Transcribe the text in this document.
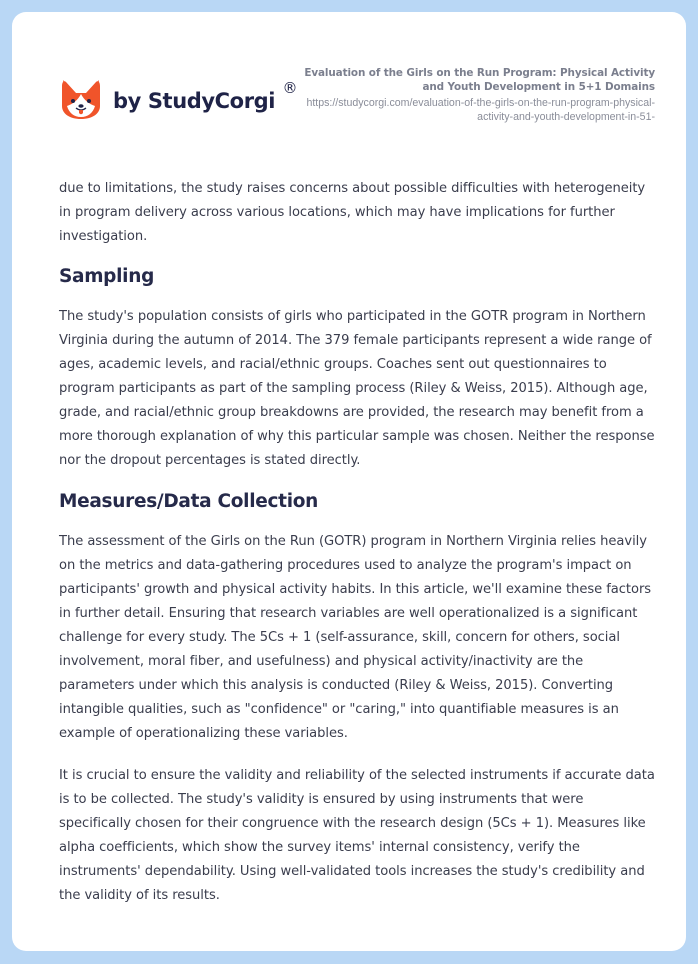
by StudyCorgi
®
Evaluation of the Girls on the Run Program: Physical Activity and Youth Development in 5+1 Domains
https://studycorgi.com/evaluation-of-the-girls-on-the-run-program-physical-activity-and-youth-development-in-51-

due to limitations, the study raises concerns about possible difficulties with heterogeneity in program delivery across various locations, which may have implications for further investigation.

Sampling

The study's population consists of girls who participated in the GOTR program in Northern Virginia during the autumn of 2014. The 379 female participants represent a wide range of ages, academic levels, and racial/ethnic groups. Coaches sent out questionnaires to program participants as part of the sampling process (Riley & Weiss, 2015). Although age, grade, and racial/ethnic group breakdowns are provided, the research may benefit from a more thorough explanation of why this particular sample was chosen. Neither the response nor the dropout percentages is stated directly.

Measures/Data Collection

The assessment of the Girls on the Run (GOTR) program in Northern Virginia relies heavily on the metrics and data-gathering procedures used to analyze the program's impact on participants' growth and physical activity habits. In this article, we'll examine these factors in further detail. Ensuring that research variables are well operationalized is a significant challenge for every study. The 5Cs + 1 (self-assurance, skill, concern for others, social involvement, moral fiber, and usefulness) and physical activity/inactivity are the parameters under which this analysis is conducted (Riley & Weiss, 2015). Converting intangible qualities, such as "confidence" or "caring," into quantifiable measures is an example of operationalizing these variables.

It is crucial to ensure the validity and reliability of the selected instruments if accurate data is to be collected. The study's validity is ensured by using instruments that were specifically chosen for their congruence with the research design (5Cs + 1). Measures like alpha coefficients, which show the survey items' internal consistency, verify the instruments' dependability. Using well-validated tools increases the study's credibility and the validity of its results.
